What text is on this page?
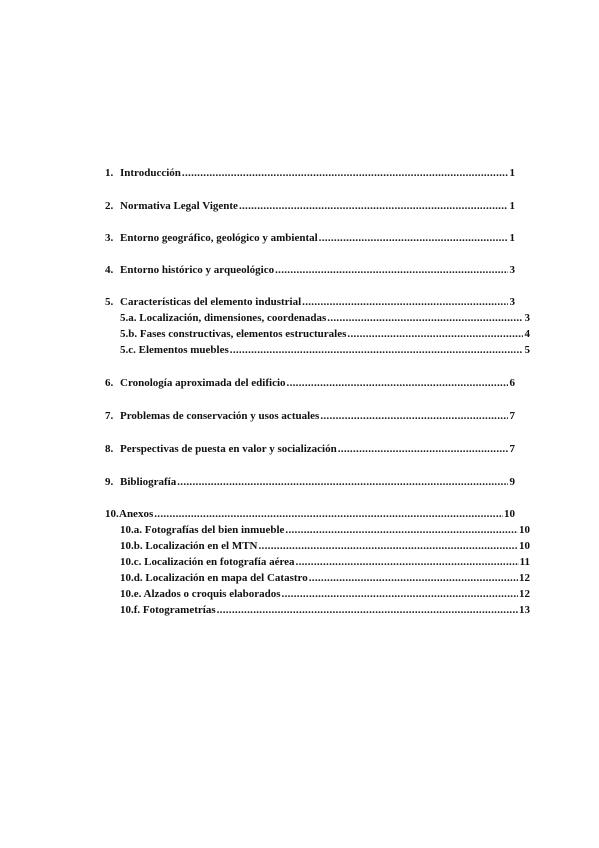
1. Introducción .....	1
2. Normativa Legal Vigente .....	1
3. Entorno geográfico, geológico y ambiental .....	1
4. Entorno histórico y arqueológico .....	3
5. Características del elemento industrial .....	3
5.a. Localización, dimensiones, coordenadas .....	3
5.b. Fases constructivas, elementos estructurales .....	4
5.c. Elementos muebles .....	5
6. Cronología aproximada del edificio .....	6
7. Problemas de conservación y usos actuales .....	7
8. Perspectivas de puesta en valor y socialización .....	7
9. Bibliografía .....	9
10. Anexos .....	10
10.a. Fotografías del bien inmueble .....	10
10.b. Localización en el MTN .....	10
10.c. Localización en fotografía aérea .....	11
10.d. Localización en mapa del Catastro .....	12
10.e. Alzados o croquis elaborados .....	12
10.f. Fotogrametrías .....	13
